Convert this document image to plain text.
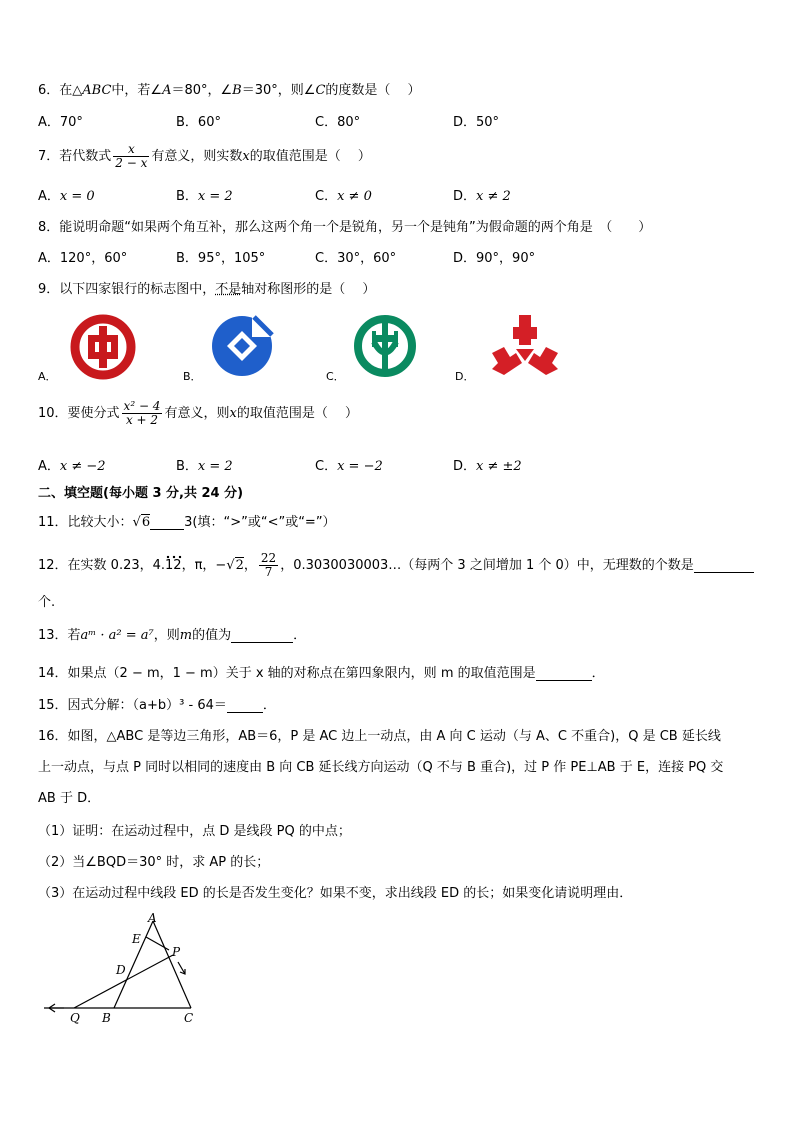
6．在△ABC中，若∠A＝80°，∠B＝30°，则∠C的度数是（　 ）
A．70°	B．60°	C．80°	D．50°
7．若代数式 $\frac{x}{2 - x}$ 有意义，则实数x的取值范围是（　 ）
A．x = 0	B．x = 2	C．x ≠ 0	D．x ≠ 2
8．能说明命题“如果两个角互补，那么这两个角一个是锐角，另一个是钝角”为假命题的两个角是　（　　）
A．120°，60°	B．95°，105°	C．30°，60°	D．90°，90°
9．以下四家银行的标志图中，不是轴对称图形的是（　 ）
A．	B．	C．	D．
10．要使分式 $\frac{\text{x² − 4}}{x + 2}$ 有意义，则x的取值范围是（　 ）
A．x ≠ −2	B．x = 2	C．x = −2	D．x ≠ ±2
二、填空题(每小题 3 分,共 24 分)
11．比较大小：√6	3(填：“>”或“<”或“=”）
12．在实数 0.23，4.12，π，−√2， $\frac{22}{7}$ ，0.3030030003…（每两个 3 之间增加 1 个 0）中，无理数的个数是
个.
13．若aᵐ · a² = a⁷，则m的值为	．
14．如果点（2 − m，1 − m）关于 x 轴的对称点在第四象限内，则 m 的取值范围是	．
15．因式分解：（a+b）³ - 64＝	．
16．如图，△ABC 是等边三角形，AB＝6，P 是 AC 边上一动点，由 A 向 C 运动（与 A、C 不重合)，Q 是 CB 延长线
上一动点，与点 P 同时以相同的速度由 B 向 CB 延长线方向运动（Q 不与 B 重合)，过 P 作 PE⊥AB 于 E，连接 PQ 交
AB 于 D．
（1）证明：在运动过程中，点 D 是线段 PQ 的中点；
（2）当∠BQD＝30° 时，求 AP 的长；
（3）在运动过程中线段 ED 的长是否发生变化？如果不变，求出线段 ED 的长；如果变化请说明理由．
A
E
P
D
Q B	C
